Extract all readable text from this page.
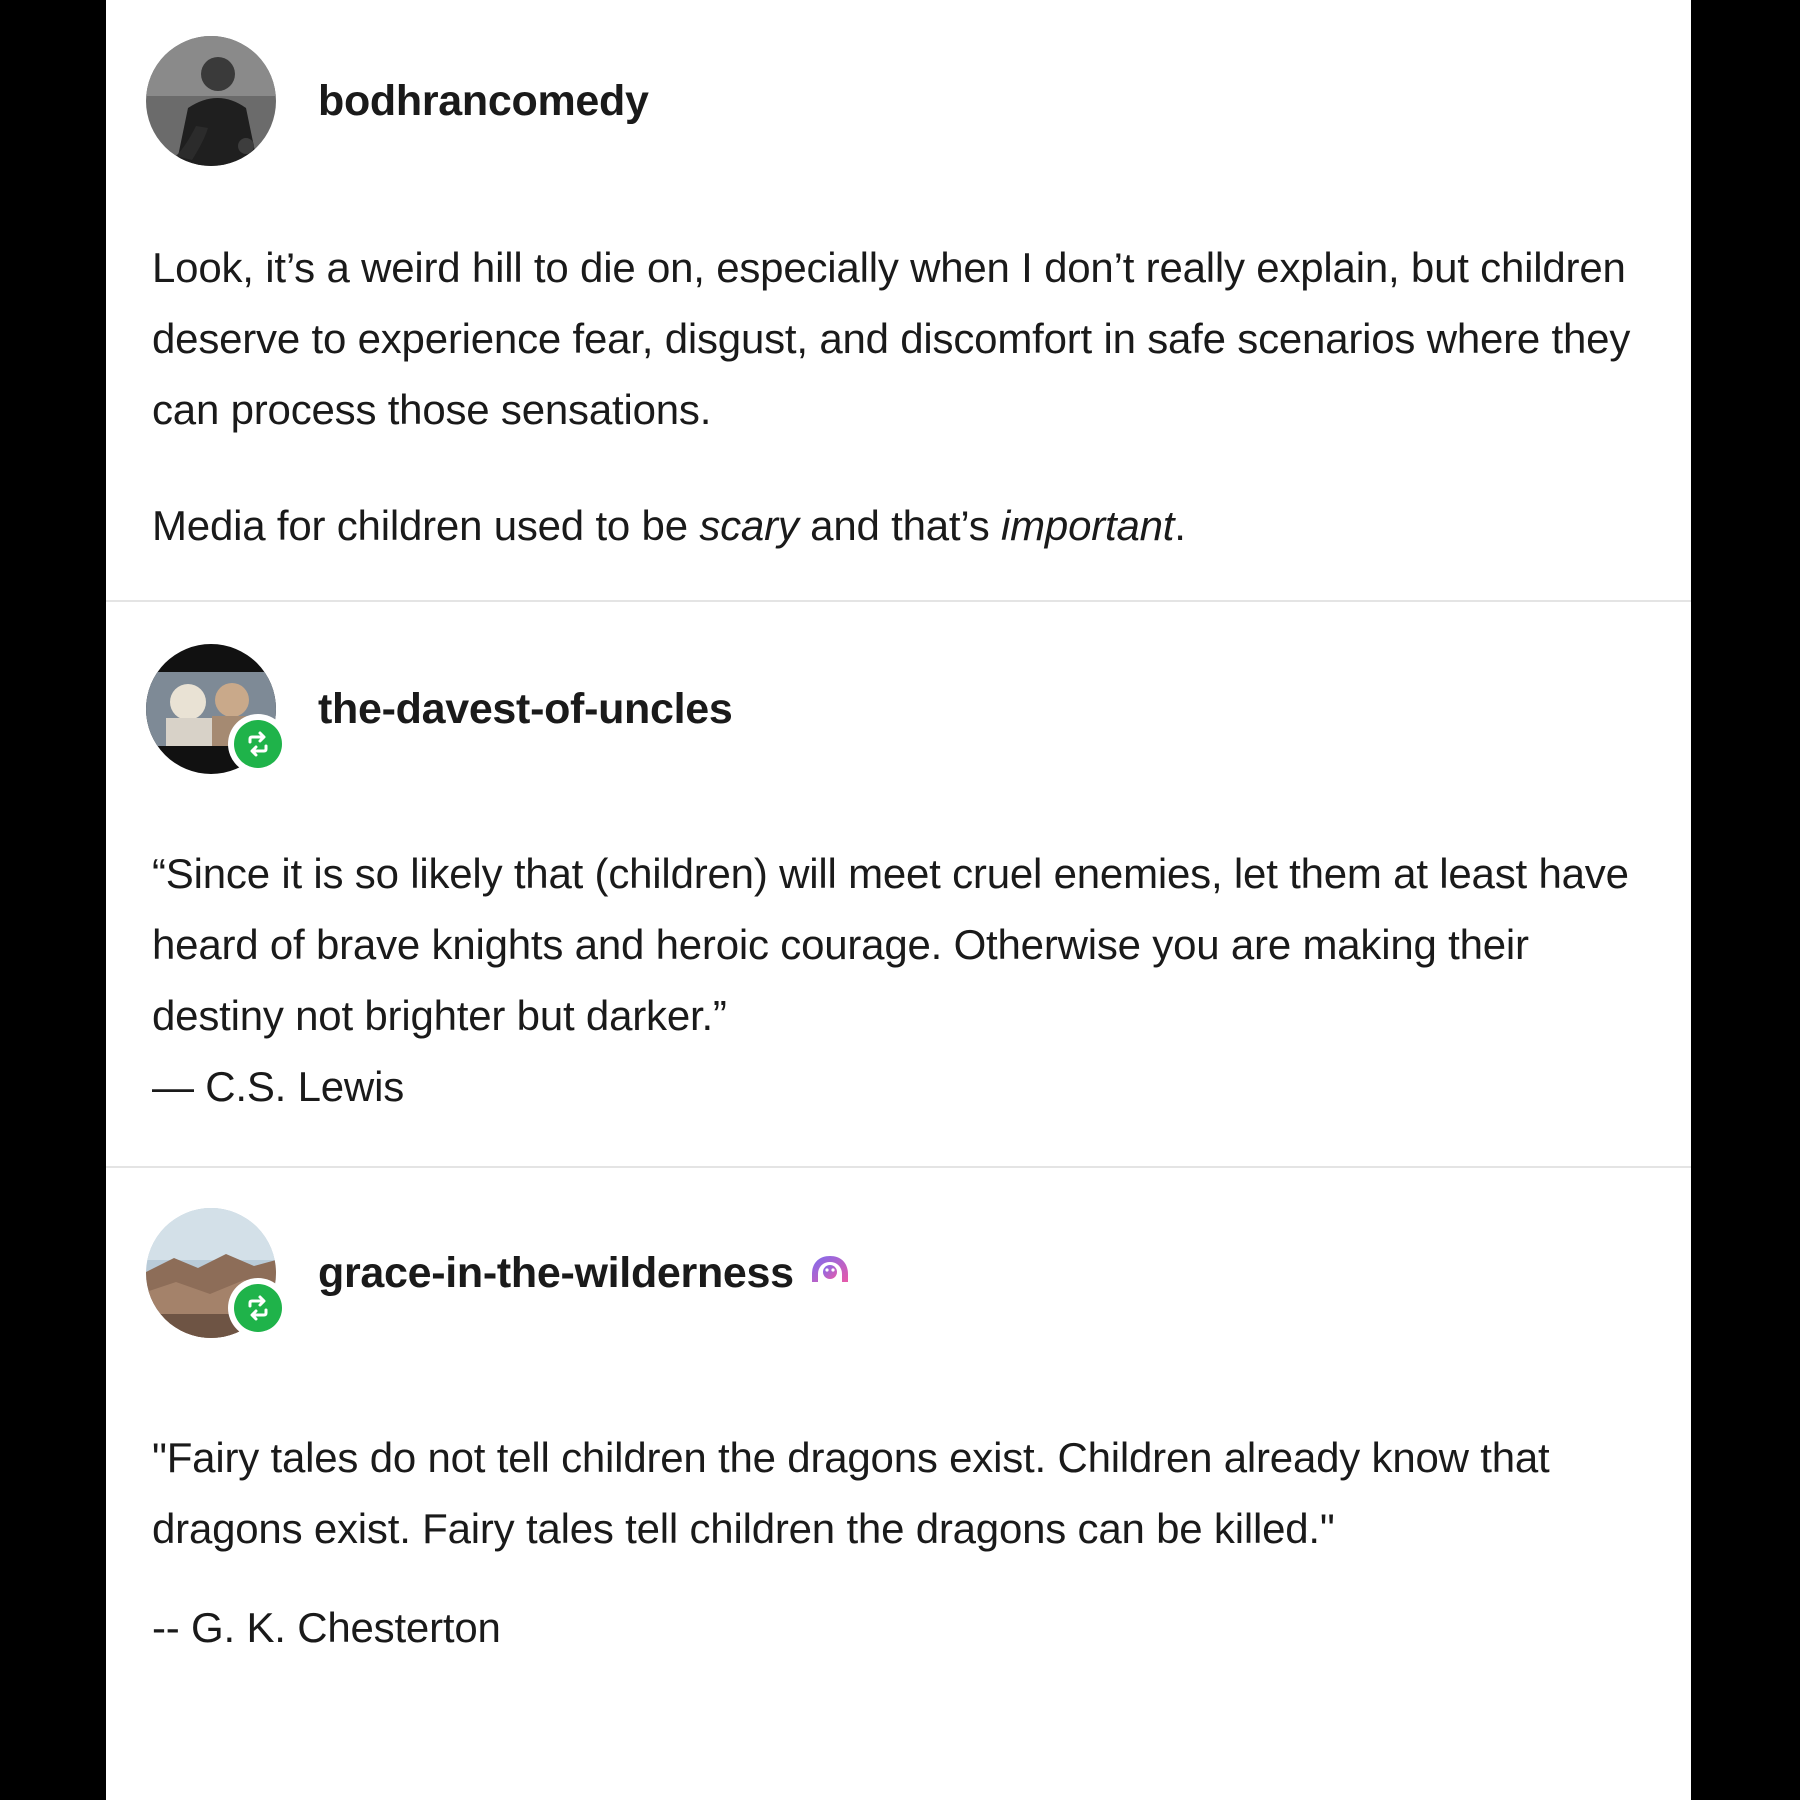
bodhrancomedy

Look, it’s a weird hill to die on, especially when I don’t really explain, but children deserve to experience fear, disgust, and discomfort in safe scenarios where they can process those sensations.

Media for children used to be scary and that’s important.

the-davest-of-uncles

“Since it is so likely that (children) will meet cruel enemies, let them at least have heard of brave knights and heroic courage. Otherwise you are making their destiny not brighter but darker.”

— C.S. Lewis

grace-in-the-wilderness

"Fairy tales do not tell children the dragons exist. Children already know that dragons exist. Fairy tales tell children the dragons can be killed."

-- G. K. Chesterton
